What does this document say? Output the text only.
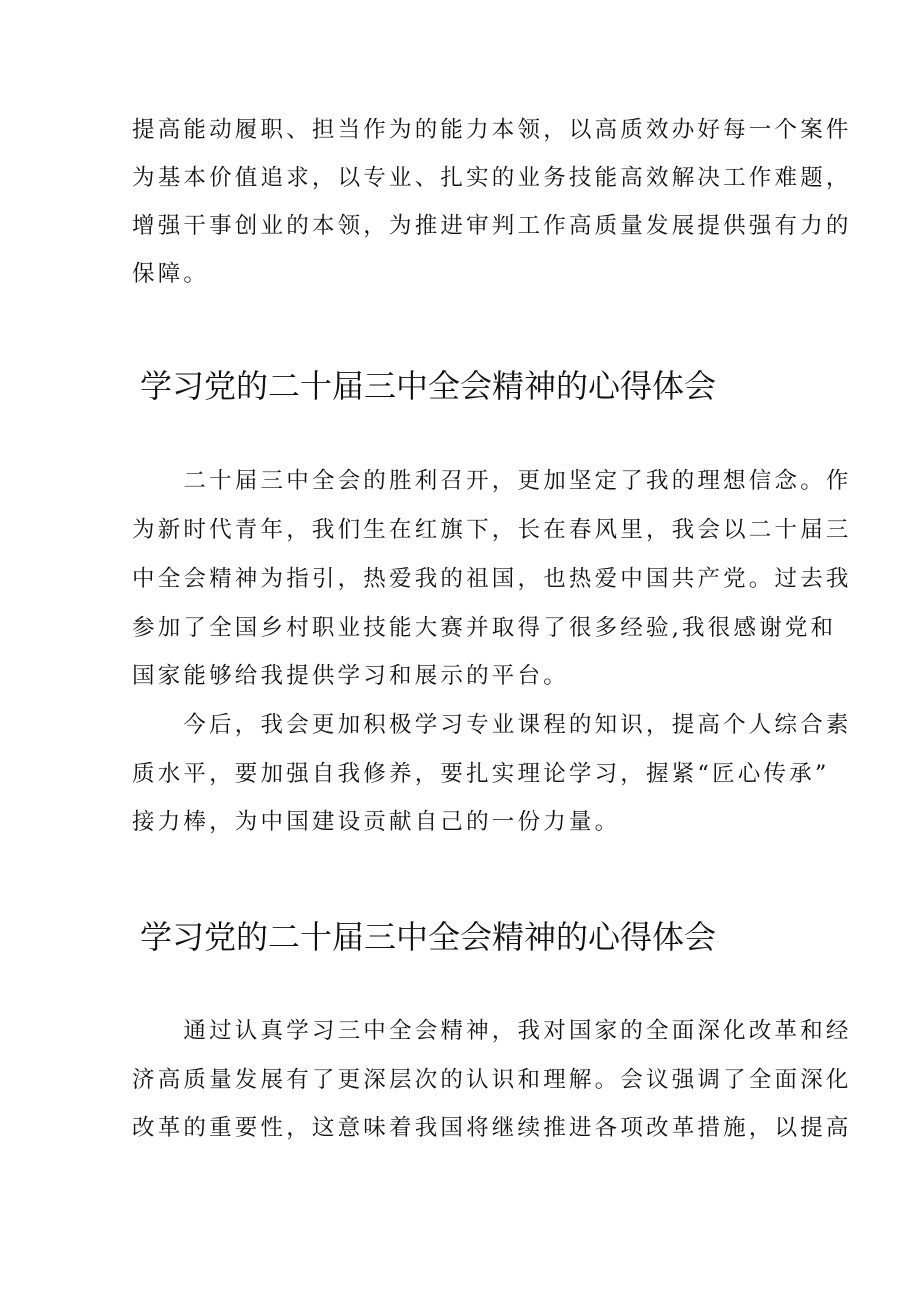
提高能动履职、担当作为的能力本领，以高质效办好每一个案件
为基本价值追求，以专业、扎实的业务技能高效解决工作难题，
增强干事创业的本领，为推进审判工作高质量发展提供强有力的
保障。
学习党的二十届三中全会精神的心得体会
　　二十届三中全会的胜利召开，更加坚定了我的理想信念。作
为新时代青年，我们生在红旗下，长在春风里，我会以二十届三
中全会精神为指引，热爱我的祖国，也热爱中国共产党。过去我
参加了全国乡村职业技能大赛并取得了很多经验,我很感谢党和
国家能够给我提供学习和展示的平台。
　　今后，我会更加积极学习专业课程的知识，提高个人综合素
质水平，要加强自我修养，要扎实理论学习，握紧“匠心传承”
接力棒，为中国建设贡献自己的一份力量。
学习党的二十届三中全会精神的心得体会
　　通过认真学习三中全会精神，我对国家的全面深化改革和经
济高质量发展有了更深层次的认识和理解。会议强调了全面深化
改革的重要性，这意味着我国将继续推进各项改革措施，以提高
